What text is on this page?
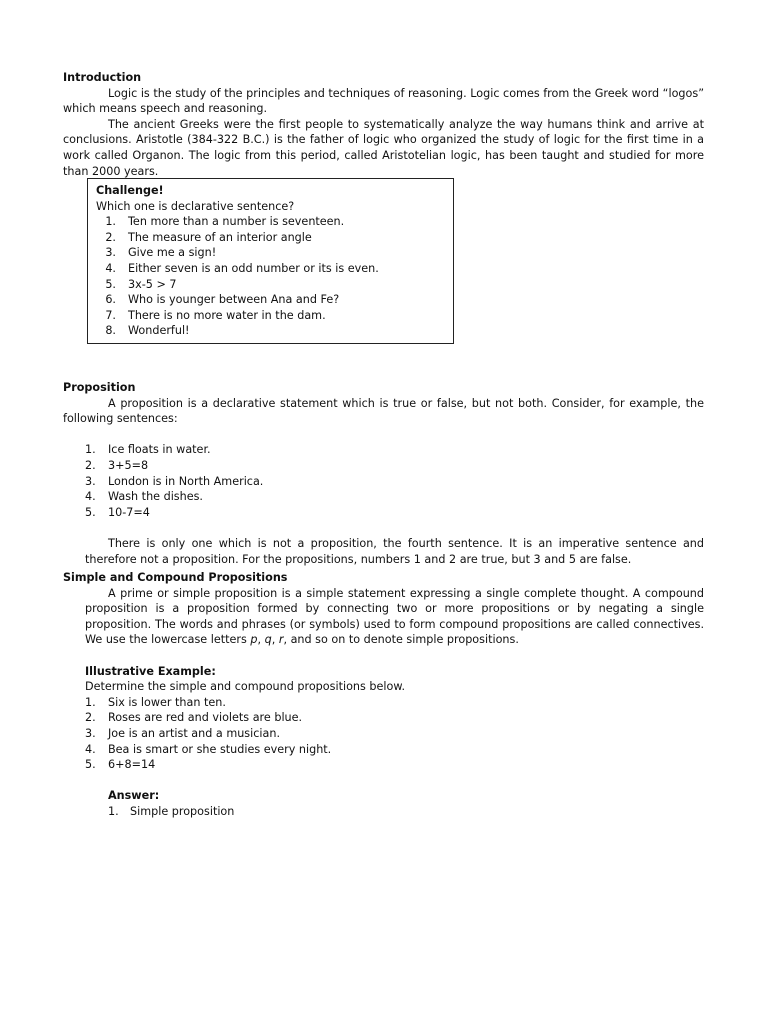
Introduction

Logic is the study of the principles and techniques of reasoning. Logic comes from the Greek word “logos” which means speech and reasoning.

The ancient Greeks were the first people to systematically analyze the way humans think and arrive at conclusions. Aristotle (384-322 B.C.) is the father of logic who organized the study of logic for the first time in a work called Organon. The logic from this period, called Aristotelian logic, has been taught and studied for more than 2000 years.

Challenge!
Which one is declarative sentence?
1.	Ten more than a number is seventeen.
2.	The measure of an interior angle
3.	Give me a sign!
4.	Either seven is an odd number or its is even.
5.	3x-5 > 7
6.	Who is younger between Ana and Fe?
7.	There is no more water in the dam.
8.	Wonderful!

Proposition

A proposition is a declarative statement which is true or false, but not both. Consider, for example, the following sentences:

1.	Ice floats in water.
2.	3+5=8
3.	London is in North America.
4.	Wash the dishes.
5.	10-7=4

There is only one which is not a proposition, the fourth sentence. It is an imperative sentence and therefore not a proposition. For the propositions, numbers 1 and 2 are true, but 3 and 5 are false.

Simple and Compound Propositions

A prime or simple proposition is a simple statement expressing a single complete thought. A compound proposition is a proposition formed by connecting two or more propositions or by negating a single proposition. The words and phrases (or symbols) used to form compound propositions are called connectives. We use the lowercase letters p, q, r, and so on to denote simple propositions.

Illustrative Example:

Determine the simple and compound propositions below.

1.	Six is lower than ten.
2.	Roses are red and violets are blue.
3.	Joe is an artist and a musician.
4.	Bea is smart or she studies every night.
5.	6+8=14

Answer:

1.	Simple proposition
